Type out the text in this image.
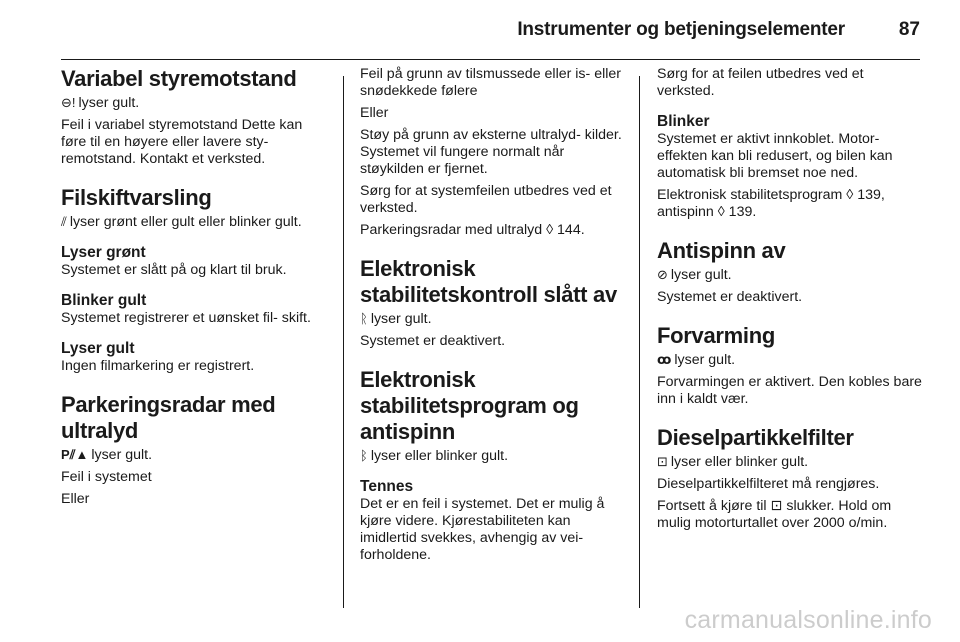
Instrumenter og betjeningselementer	87
Variabel styremotstand

⊖! lyser gult.

Feil i variabel styremotstand Dette kan føre til en høyere eller lavere sty- remotstand. Kontakt et verksted.

Filskiftvarsling

⫽ lyser grønt eller gult eller blinker gult.

Lyser grønt

Systemet er slått på og klart til bruk.

Blinker gult

Systemet registrerer et uønsket fil- skift.

Lyser gult

Ingen filmarkering er registrert.

Parkeringsradar med ultralyd

P⫽▲ lyser gult.

Feil i systemet

Eller

Feil på grunn av tilsmussede eller is- eller snødekkede følere

Eller

Støy på grunn av eksterne ultralyd- kilder. Systemet vil fungere normalt når støykilden er fjernet.

Sørg for at systemfeilen utbedres ved et verksted.

Parkeringsradar med ultralyd ◊ 144.

Elektronisk stabilitetskontroll slått av

ᚱ lyser gult.

Systemet er deaktivert.

Elektronisk stabilitetsprogram og antispinn

ᛒ lyser eller blinker gult.

Tennes

Det er en feil i systemet. Det er mulig å kjøre videre. Kjørestabiliteten kan imidlertid svekkes, avhengig av vei- forholdene.

Sørg for at feilen utbedres ved et verksted.

Blinker

Systemet er aktivt innkoblet. Motor- effekten kan bli redusert, og bilen kan automatisk bli bremset noe ned.

Elektronisk stabilitetsprogram ◊ 139, antispinn ◊ 139.

Antispinn av

⊘ lyser gult.

Systemet er deaktivert.

Forvarming

ꝏ lyser gult.

Forvarmingen er aktivert. Den kobles bare inn i kaldt vær.

Dieselpartikkelfilter

⊡ lyser eller blinker gult.

Dieselpartikkelfilteret må rengjøres.

Fortsett å kjøre til ⊡ slukker. Hold om mulig motorturtallet over 2000 o/min.

carmanualsonline.info
